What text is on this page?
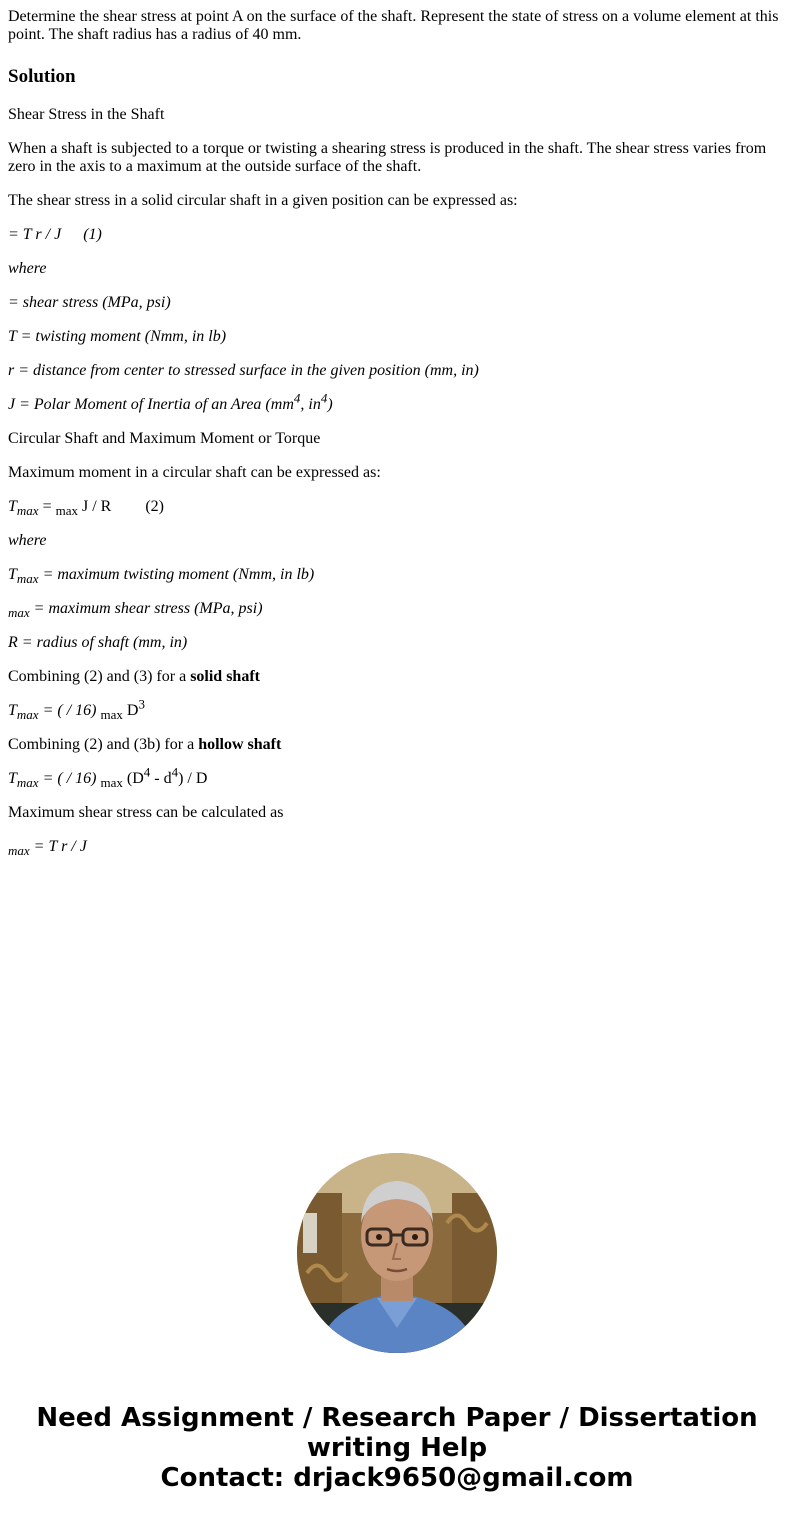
Determine the shear stress at point A on the surface of the shaft. Represent the state of stress on a volume element at this point. The shaft radius has a radius of 40 mm.

Solution

Shear Stress in the Shaft

When a shaft is subjected to a torque or twisting a shearing stress is produced in the shaft. The shear stress varies from zero in the axis to a maximum at the outside surface of the shaft.

The shear stress in a solid circular shaft in a given position can be expressed as:

= T r / J (1)

where

= shear stress (MPa, psi)

T = twisting moment (Nmm, in lb)

r = distance from center to stressed surface in the given position (mm, in)

J = Polar Moment of Inertia of an Area ($mm^4$, $in^4$)

Circular Shaft and Maximum Moment or Torque

Maximum moment in a circular shaft can be expressed as:

$T_{max} = _{max}$ J / R (2)

where

$T_{max}$ = maximum twisting moment (Nmm, in lb)

$_{max}$ = maximum shear stress (MPa, psi)

R = radius of shaft (mm, in)

Combining (2) and (3) for a solid shaft

$T_{max}$ = ( / 16) $_{max}$ $D^3$

Combining (2) and (3b) for a hollow shaft

$T_{max}$ = ( / 16) $_{max}$ $(D^4 - d^4)$ / D

Maximum shear stress can be calculated as

$_{max}$ = T r / J

Need Assignment / Research Paper / Dissertation
writing Help
Contact: drjack9650@gmail.com
